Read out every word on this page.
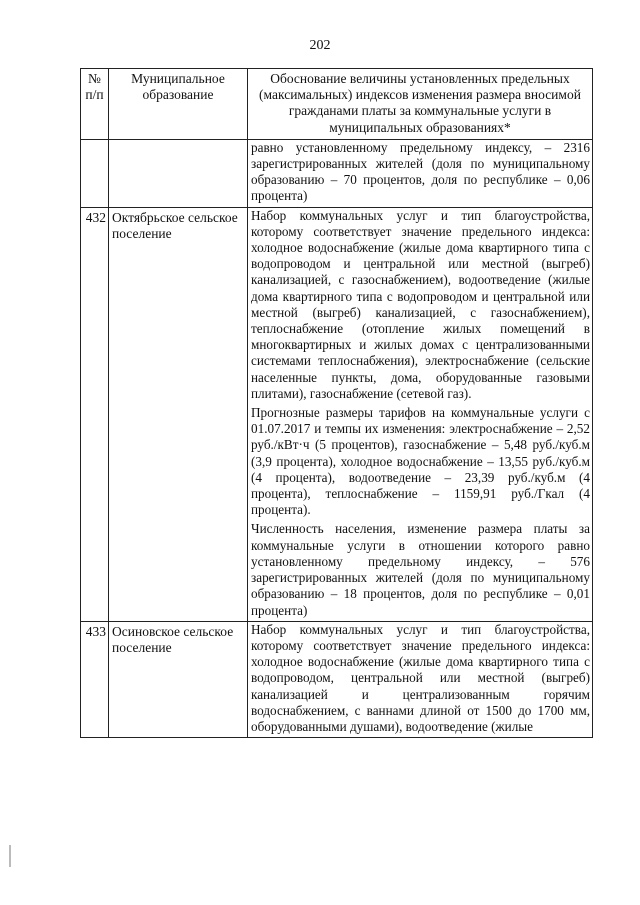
202
№ п/п	Муниципальное образование	Обоснование величины установленных предельных (максимальных) индексов изменения размера вносимой гражданами платы за коммунальные услуги в муниципальных образованиях*

		равно установленному предельному индексу, – 2316 зарегистрированных жителей (доля по муниципальному образованию – 70 процентов, доля по республике – 0,06 процента)

432	Октябрьское сельское поселение	Набор коммунальных услуг и тип благоустройства, которому соответствует значение предельного индекса: холодное водоснабжение (жилые дома квартирного типа с водопроводом и центральной или местной (выгреб) канализацией, с газоснабжением), водоотведение (жилые дома квартирного типа с водопроводом и центральной или местной (выгреб) канализацией, с газоснабжением), теплоснабжение (отопление жилых помещений в многоквартирных и жилых домах с централизованными системами теплоснабжения), электроснабжение (сельские населенные пункты, дома, оборудованные газовыми плитами), газоснабжение (сетевой газ).

Прогнозные размеры тарифов на коммунальные услуги с 01.07.2017 и темпы их изменения: электроснабжение – 2,52 руб./кВт·ч (5 процентов), газоснабжение – 5,48 руб./куб.м (3,9 процента), холодное водоснабжение – 13,55 руб./куб.м (4 процента), водоотведение – 23,39 руб./куб.м (4 процента), теплоснабжение – 1159,91 руб./Гкал (4 процента).

Численность населения, изменение размера платы за коммунальные услуги в отношении которого равно установленному предельному индексу, – 576 зарегистрированных жителей (доля по муниципальному образованию – 18 процентов, доля по республике – 0,01 процента)

433	Осиновское сельское поселение	Набор коммунальных услуг и тип благоустройства, которому соответствует значение предельного индекса: холодное водоснабжение (жилые дома квартирного типа с водопроводом, центральной или местной (выгреб) канализацией и централизованным горячим водоснабжением, с ваннами длиной от 1500 до 1700 мм, оборудованными душами), водоотведение (жилые
